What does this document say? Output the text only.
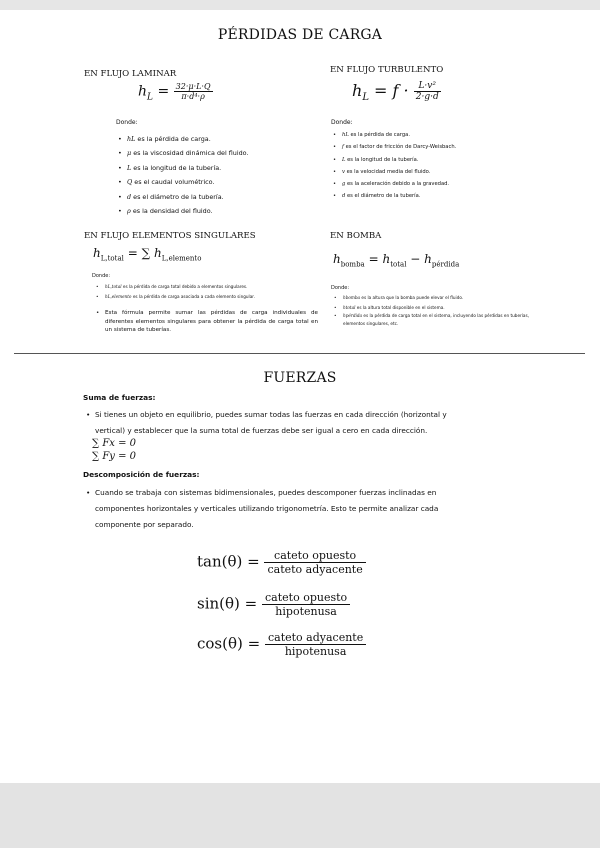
PÉRDIDAS DE CARGA
EN FLUJO LAMINAR
$h_L = \frac{32\cdot\mu\cdot L\cdot Q}{\text{π·d⁴·ρ}}$
Donde:
• hL es la pérdida de carga.
• μ es la viscosidad dinámica del fluido.
• L es la longitud de la tubería.
• Q es el caudal volumétrico.
• d es el diámetro de la tubería.
• ρ es la densidad del fluido.
EN FLUJO TURBULENTO
$h_L = f \cdot \frac{\text{L·v²}}{2\cdot g\cdot d}$
Donde:
• hL es la pérdida de carga.
• f es el factor de fricción de Darcy-Weisbach.
• L es la longitud de la tubería.
• v es la velocidad media del fluido.
• g es la aceleración debido a la gravedad.
• d es el diámetro de la tubería.
EN FLUJO ELEMENTOS SINGULARES
$h_{L,total}$ = ∑ $h_{L,elemento}$
Donde:
• hL,total es la pérdida de carga total debido a elementos singulares.
• hL,elemento es la pérdida de carga asociada a cada elemento singular.
• Esta fórmula permite sumar las pérdidas de carga individuales de diferentes elementos singulares para obtener la pérdida de carga total en un sistema de tuberías.
EN BOMBA
$h_{bomba} = h_{total} - h_{pérdida}$
Donde:
• hbomba es la altura que la bomba puede elevar el fluido.
• htotal es la altura total disponible en el sistema.
• hpérdida es la pérdida de carga total en el sistema, incluyendo las pérdidas en tuberías, elementos singulares, etc.
FUERZAS
Suma de fuerzas:
• Si tienes un objeto en equilibrio, puedes sumar todas las fuerzas en cada dirección (horizontal y vertical) y establecer que la suma total de fuerzas debe ser igual a cero en cada dirección.
∑ Fx = 0
∑ Fy = 0
Descomposición de fuerzas:
• Cuando se trabaja con sistemas bidimensionales, puedes descomponer fuerzas inclinadas en componentes horizontales y verticales utilizando trigonometría. Esto te permite analizar cada componente por separado.
$\tan(\theta) = \frac{\text{cateto opuesto}}{\text{cateto adyacente}}$
$\sin(\theta) = \frac{\text{cateto opuesto}}{\text{hipotenusa}}$
$\cos(\theta) = \frac{\text{cateto adyacente}}{\text{hipotenusa}}$
